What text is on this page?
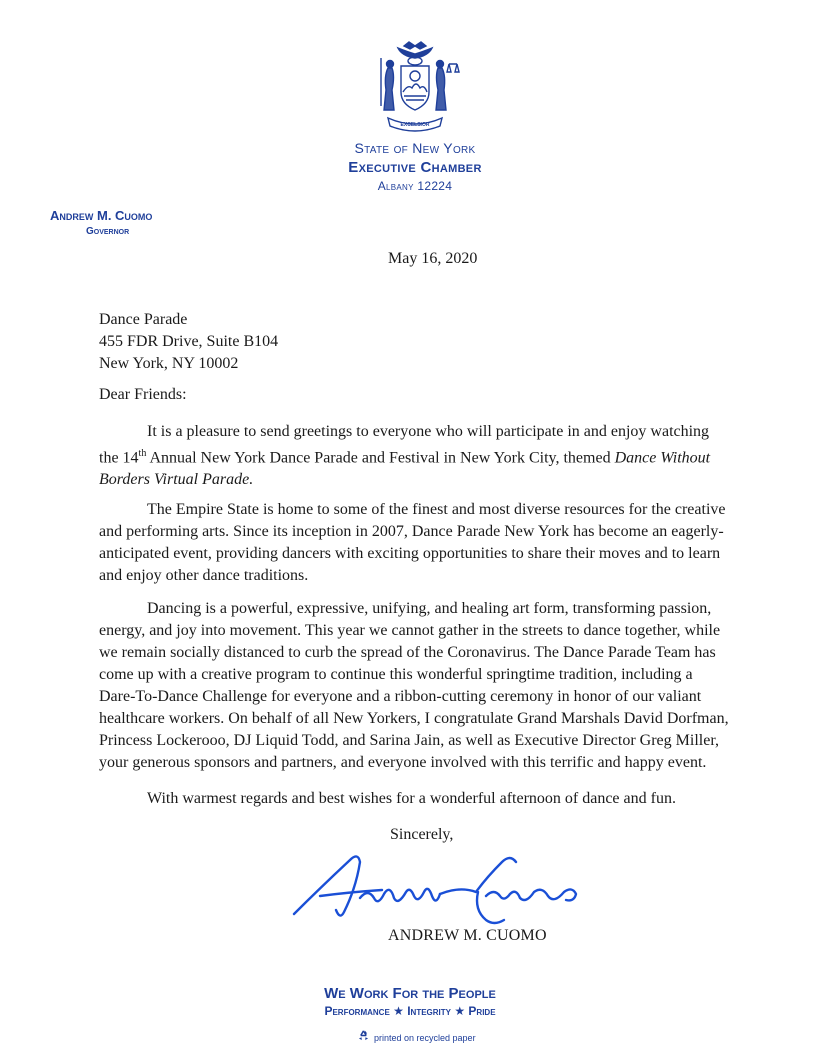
EXCELSIOR
State of New York
Executive Chamber
Albany 12224
Andrew M. Cuomo
Governor
May 16, 2020
Dance Parade
455 FDR Drive, Suite B104
New York, NY 10002
Dear Friends:

It is a pleasure to send greetings to everyone who will participate in and enjoy watching the 14th Annual New York Dance Parade and Festival in New York City, themed Dance Without Borders Virtual Parade.

The Empire State is home to some of the finest and most diverse resources for the creative and performing arts. Since its inception in 2007, Dance Parade New York has become an eagerly-anticipated event, providing dancers with exciting opportunities to share their moves and to learn and enjoy other dance traditions.

Dancing is a powerful, expressive, unifying, and healing art form, transforming passion, energy, and joy into movement. This year we cannot gather in the streets to dance together, while we remain socially distanced to curb the spread of the Coronavirus. The Dance Parade Team has come up with a creative program to continue this wonderful springtime tradition, including a Dare-To-Dance Challenge for everyone and a ribbon-cutting ceremony in honor of our valiant healthcare workers. On behalf of all New Yorkers, I congratulate Grand Marshals David Dorfman, Princess Lockerooo, DJ Liquid Todd, and Sarina Jain, as well as Executive Director Greg Miller, your generous sponsors and partners, and everyone involved with this terrific and happy event.

With warmest regards and best wishes for a wonderful afternoon of dance and fun.

Sincerely,
ANDREW M. CUOMO
We Work For the People
Performance ★ Integrity ★ Pride
printed on recycled paper
